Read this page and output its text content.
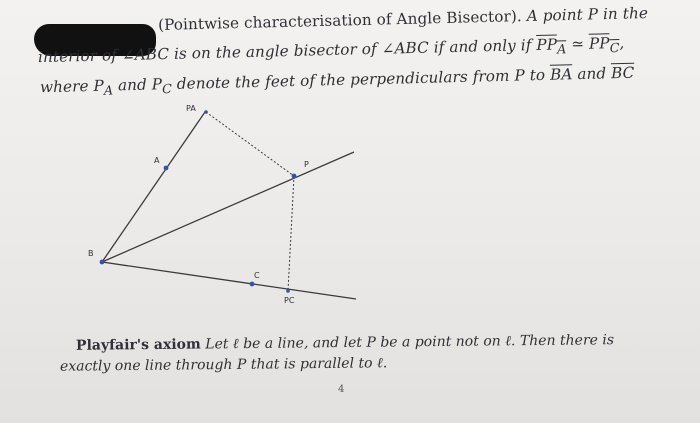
(Pointwise characterisation of Angle Bisector). A point P in the
interior of ∠ABC is on the angle bisector of ∠ABC if and only if $PP_A$ ≃ $PP_C$,
where $P_A$ and $P_C$ denote the feet of the perpendiculars from P to $\overline{BA}$ and $\overline{BC}$
PA
A	P
B
C
PC
Playfair's axiom Let ℓ be a line, and let P be a point not on ℓ. Then there is
exactly one line through P that is parallel to ℓ.
4
